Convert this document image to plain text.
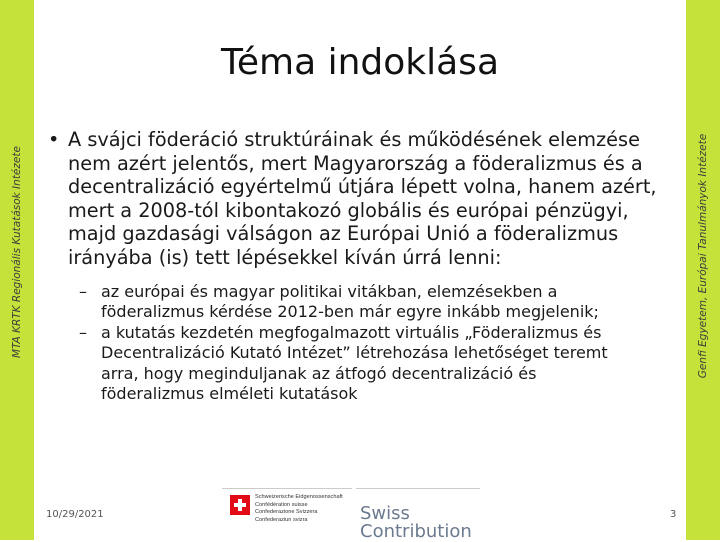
MTA KRTK Regionális Kutatások Intézete	Genfi Egyetem, Európai Tanulmányok Intézete
Téma indoklása
• A svájci föderáció struktúráinak és működésének elemzése nem azért jelentős, mert Magyarország a föderalizmus és a decentralizáció egyértelmű útjára lépett volna, hanem azért, mert a 2008-tól kibontakozó globális és európai pénzügyi, majd gazdasági válságon az Európai Unió a föderalizmus irányába (is) tett lépésekkel kíván úrrá lenni:
– az európai és magyar politikai vitákban, elemzésekben a föderalizmus kérdése 2012-ben már egyre inkább megjelenik;
– a kutatás kezdetén megfogalmazott virtuális „Föderalizmus és Decentralizáció Kutató Intézet” létrehozása lehetőséget teremt arra, hogy meginduljanak az átfogó decentralizáció és föderalizmus elméleti kutatások
10/29/2021	3
Schweizerische Eidgenossenschaft
Confédération suisse
Confederazione Svizzera
Confederaziun svizra	Swiss
Contribution
